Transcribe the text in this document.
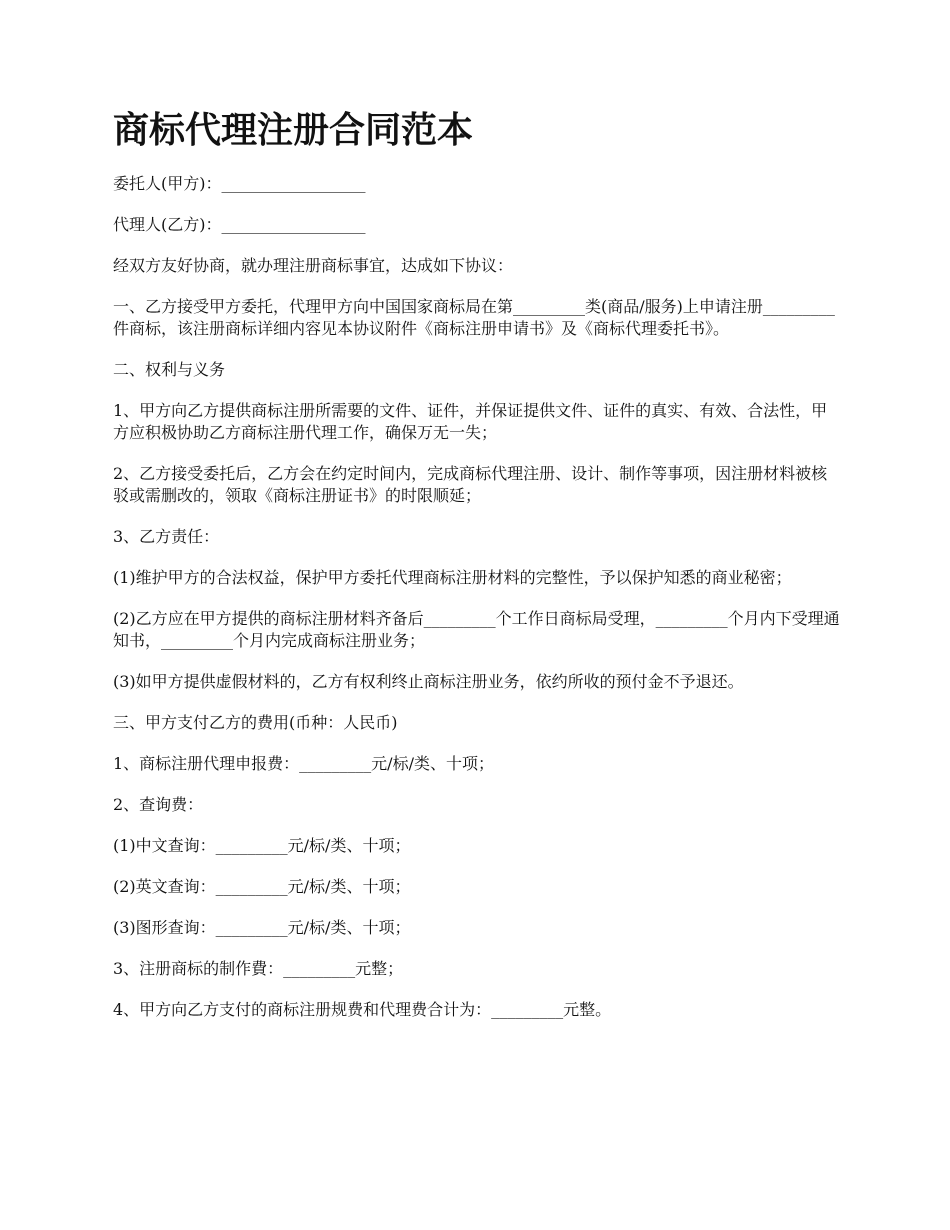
商标代理注册合同范本

委托人(甲方)：__________________

代理人(乙方)：__________________

经双方友好协商，就办理注册商标事宜，达成如下协议：

一、乙方接受甲方委托，代理甲方向中国国家商标局在第_________类(商品/服务)上申请注册_________件商标，该注册商标详细内容见本协议附件《商标注册申请书》及《商标代理委托书》。

二、权利与义务

1、甲方向乙方提供商标注册所需要的文件、证件，并保证提供文件、证件的真实、有效、合法性，甲方应积极协助乙方商标注册代理工作，确保万无一失；

2、乙方接受委托后，乙方会在约定时间内，完成商标代理注册、设计、制作等事项，因注册材料被核驳或需删改的，领取《商标注册证书》的时限顺延；

3、乙方责任：

(1)维护甲方的合法权益，保护甲方委托代理商标注册材料的完整性，予以保护知悉的商业秘密；

(2)乙方应在甲方提供的商标注册材料齐备后_________个工作日商标局受理，_________个月内下受理通知书，_________个月内完成商标注册业务；

(3)如甲方提供虚假材料的，乙方有权利终止商标注册业务，依约所收的预付金不予退还。

三、甲方支付乙方的费用(币种：人民币)

1、商标注册代理申报费：_________元/标/类、十项；

2、查询费：

(1)中文查询：_________元/标/类、十项；

(2)英文查询：_________元/标/类、十项；

(3)图形查询：_________元/标/类、十项；

3、注册商标的制作費：_________元整；

4、甲方向乙方支付的商标注册规费和代理费合计为：_________元整。
